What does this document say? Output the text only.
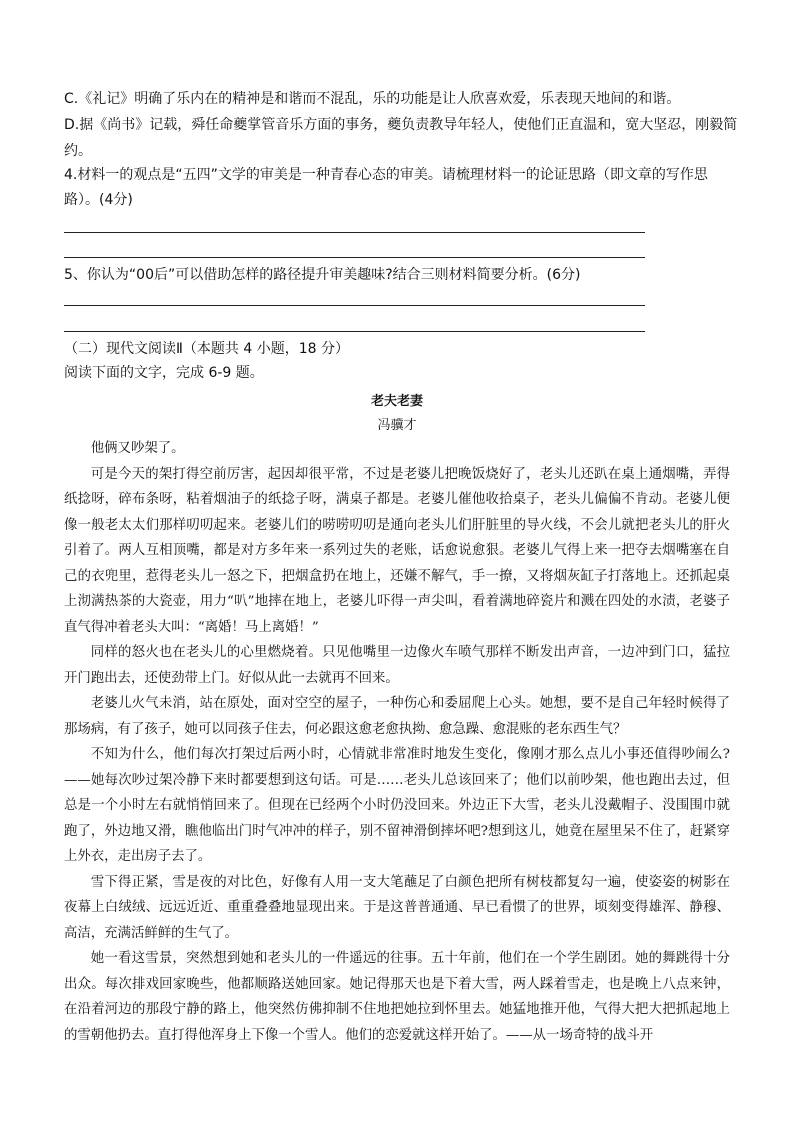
C.《礼记》明确了乐内在的精神是和谐而不混乱，乐的功能是让人欣喜欢爱，乐表现天地间的和谐。
D.据《尚书》记载，舜任命夔掌管音乐方面的事务，夔负责教导年轻人，使他们正直温和，宽大坚忍，刚毅简
约。
4.材料一的观点是“五四”文学的审美是一种青春心态的审美。请梳理材料一的论证思路（即文章的写作思
路）。(4分)
5、你认为“00后”可以借助怎样的路径提升审美趣味?结合三则材料简要分析。(6分)
（二）现代文阅读Ⅱ（本题共 4 小题，18 分）
阅读下面的文字，完成 6-9 题。
老夫老妻
冯骥才

他俩又吵架了。

可是今天的架打得空前厉害，起因却很平常，不过是老婆儿把晚饭烧好了，老头儿还趴在桌上通烟嘴，弄得纸捻呀，碎布条呀，粘着烟油子的纸捻子呀，满桌子都是。老婆儿催他收拾桌子，老头儿偏偏不肯动。老婆儿便像一般老太太们那样叨叨起来。老婆儿们的唠唠叨叨是通向老头儿们肝脏里的导火线，不会儿就把老头儿的肝火引着了。两人互相顶嘴，都是对方多年来一系列过失的老账，话愈说愈狠。老婆儿气得上来一把夺去烟嘴塞在自己的衣兜里，惹得老头儿一怒之下，把烟盒扔在地上，还嫌不解气，手一撩，又将烟灰缸子打落地上。还抓起桌上沏满热茶的大瓷壶，用力“叭”地摔在地上，老婆儿吓得一声尖叫，看着满地碎瓷片和溅在四处的水渍，老婆子直气得冲着老头大叫：“离婚！马上离婚！”

同样的怒火也在老头儿的心里燃烧着。只见他嘴里一边像火车喷气那样不断发出声音，一边冲到门口，猛拉开门跑出去，还使劲带上门。好似从此一去就再不回来。

老婆儿火气未消，站在原处，面对空空的屋子，一种伤心和委屈爬上心头。她想，要不是自己年轻时候得了那场病，有了孩子，她可以同孩子住去，何必跟这愈老愈执拗、愈急躁、愈混账的老东西生气？

不知为什么，他们每次打架过后两小时，心情就非常准时地发生变化，像刚才那么点儿小事还值得吵闹么?——她每次吵过架冷静下来时都要想到这句话。可是……老头儿总该回来了；他们以前吵架，他也跑出去过，但总是一个小时左右就悄悄回来了。但现在已经两个小时仍没回来。外边正下大雪，老头儿没戴帽子、没围围巾就跑了，外边地又滑，瞧他临出门时气冲冲的样子，别不留神滑倒摔坏吧?想到这儿，她竟在屋里呆不住了，赶紧穿上外衣，走出房子去了。

雪下得正紧，雪是夜的对比色，好像有人用一支大笔蘸足了白颜色把所有树枝都复勾一遍，使姿姿的树影在夜幕上白绒绒、远远近近、重重叠叠地显现出来。于是这普普通通、早已看惯了的世界，顷刻变得雄浑、静穆、高洁，充满活鲜鲜的生气了。

她一看这雪景，突然想到她和老头儿的一件遥远的往事。五十年前，他们在一个学生剧团。她的舞跳得十分出众。每次排戏回家晚些，他都顺路送她回家。她记得那天也是下着大雪，两人踩着雪走，也是晚上八点来钟，在沿着河边的那段宁静的路上，他突然仿佛抑制不住地把她拉到怀里去。她猛地推开他，气得大把大把抓起地上的雪朝他扔去。直打得他浑身上下像一个雪人。他们的恋爱就这样开始了。——从一场奇特的战斗开
